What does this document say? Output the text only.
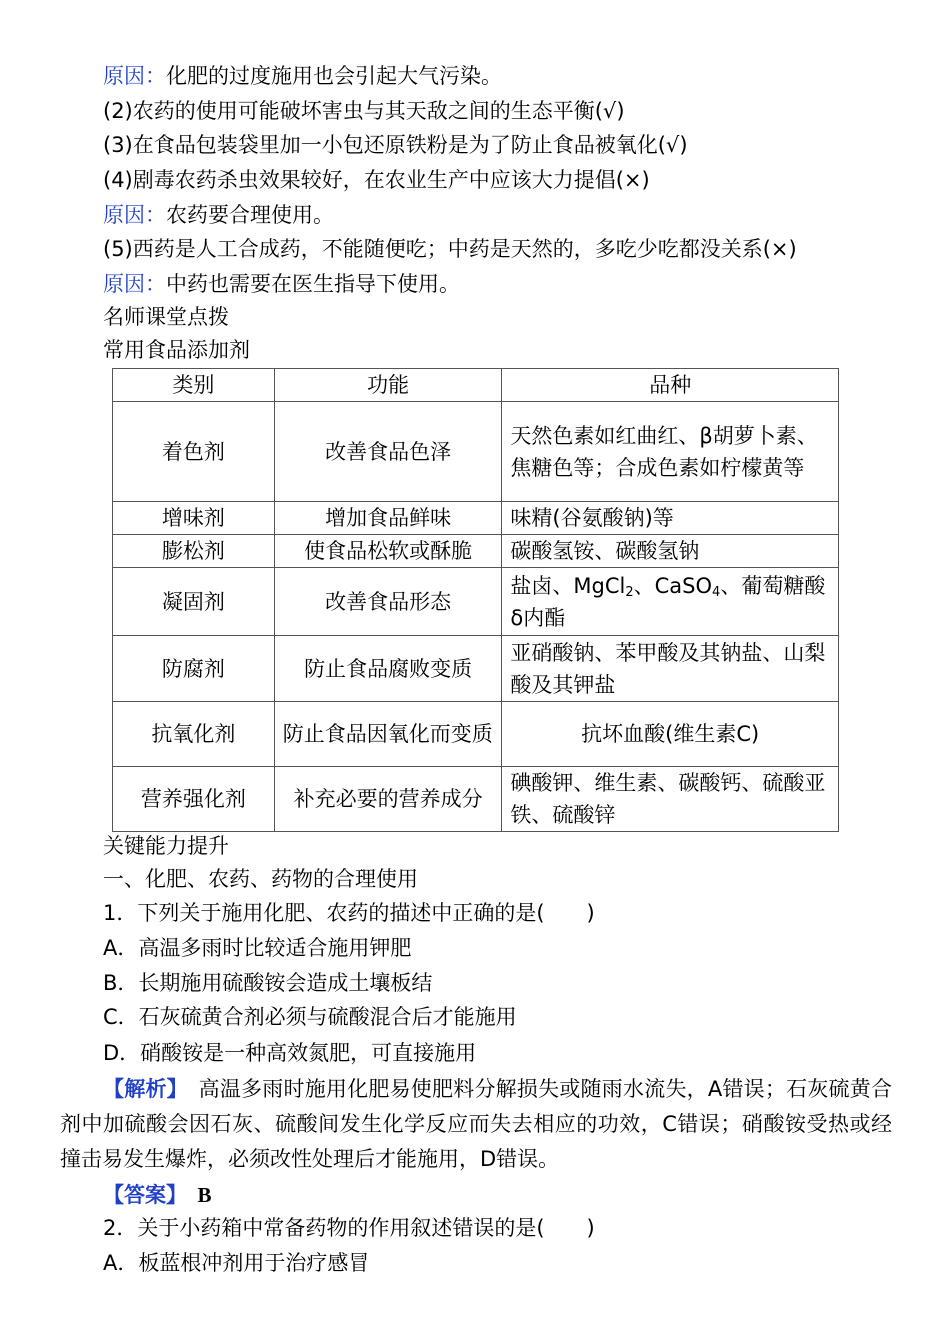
原因：化肥的过度施用也会引起大气污染。
(2)农药的使用可能破坏害虫与其天敌之间的生态平衡(√)
(3)在食品包装袋里加一小包还原铁粉是为了防止食品被氧化(√)
(4)剧毒农药杀虫效果较好，在农业生产中应该大力提倡(×)
原因：农药要合理使用。
(5)西药是人工合成药，不能随便吃；中药是天然的，多吃少吃都没关系(×)
原因：中药也需要在医生指导下使用。
名师课堂点拨
常用食品添加剂
类别	功能	品种
着色剂	改善食品色泽	天然色素如红曲红、β胡萝卜素、焦糖色等；合成色素如柠檬黄等
增味剂	增加食品鲜味	味精(谷氨酸钠)等
膨松剂	使食品松软或酥脆	碳酸氢铵、碳酸氢钠
凝固剂	改善食品形态	盐卤、MgCl$_2$、CaSO$_4$、葡萄糖酸δ内酯
防腐剂	防止食品腐败变质	亚硝酸钠、苯甲酸及其钠盐、山梨酸及其钾盐
抗氧化剂	防止食品因氧化而变质	抗坏血酸(维生素C)
营养强化剂	补充必要的营养成分	碘酸钾、维生素、碳酸钙、硫酸亚铁、硫酸锌
关键能力提升
一、化肥、农药、药物的合理使用
1．下列关于施用化肥、农药的描述中正确的是(　　)
A．高温多雨时比较适合施用钾肥
B．长期施用硫酸铵会造成土壤板结
C．石灰硫黄合剂必须与硫酸混合后才能施用
D．硝酸铵是一种高效氮肥，可直接施用
【解析】　高温多雨时施用化肥易使肥料分解损失或随雨水流失，A错误；石灰硫黄合剂中加硫酸会因石灰、硫酸间发生化学反应而失去相应的功效，C错误；硝酸铵受热或经撞击易发生爆炸，必须改性处理后才能施用，D错误。
【答案】　B
2．关于小药箱中常备药物的作用叙述错误的是(　　)
A．板蓝根冲剂用于治疗感冒
